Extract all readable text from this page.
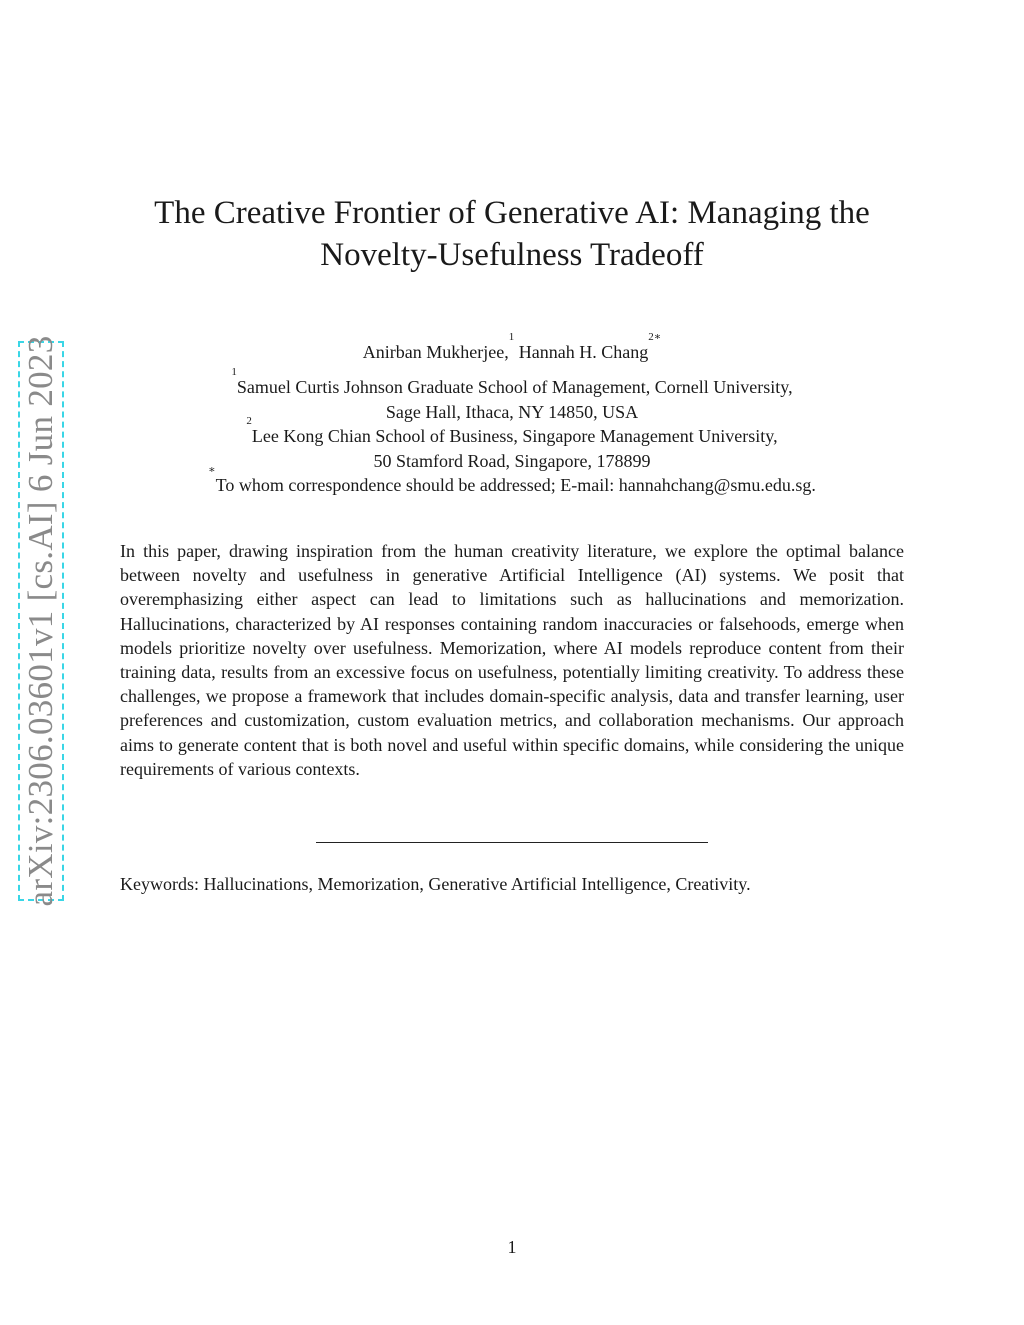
arXiv:2306.03601v1 [cs.AI] 6 Jun 2023
The Creative Frontier of Generative AI: Managing the
Novelty-Usefulness Tradeoff
Anirban Mukherjee,$^1$ Hannah H. Chang$^{2∗}$
$^1$Samuel Curtis Johnson Graduate School of Management, Cornell University,
Sage Hall, Ithaca, NY 14850, USA
$^2$Lee Kong Chian School of Business, Singapore Management University,
50 Stamford Road, Singapore, 178899
∗To whom correspondence should be addressed; E-mail: hannahchang@smu.edu.sg.

In this paper, drawing inspiration from the human creativity literature, we explore the optimal balance between novelty and usefulness in generative Artificial Intelligence (AI) systems. We posit that overemphasizing either aspect can lead to limitations such as hallucinations and memorization. Hallucinations, characterized by AI responses containing random inaccuracies or falsehoods, emerge when models prioritize novelty over usefulness. Memorization, where AI models reproduce content from their training data, results from an excessive focus on usefulness, potentially limiting creativity. To address these challenges, we propose a framework that includes domain-specific analysis, data and transfer learning, user preferences and customization, custom evaluation metrics, and collaboration mechanisms. Our approach aims to generate content that is both novel and useful within specific domains, while considering the unique requirements of various contexts.

Keywords: Hallucinations, Memorization, Generative Artificial Intelligence, Creativity.
1
